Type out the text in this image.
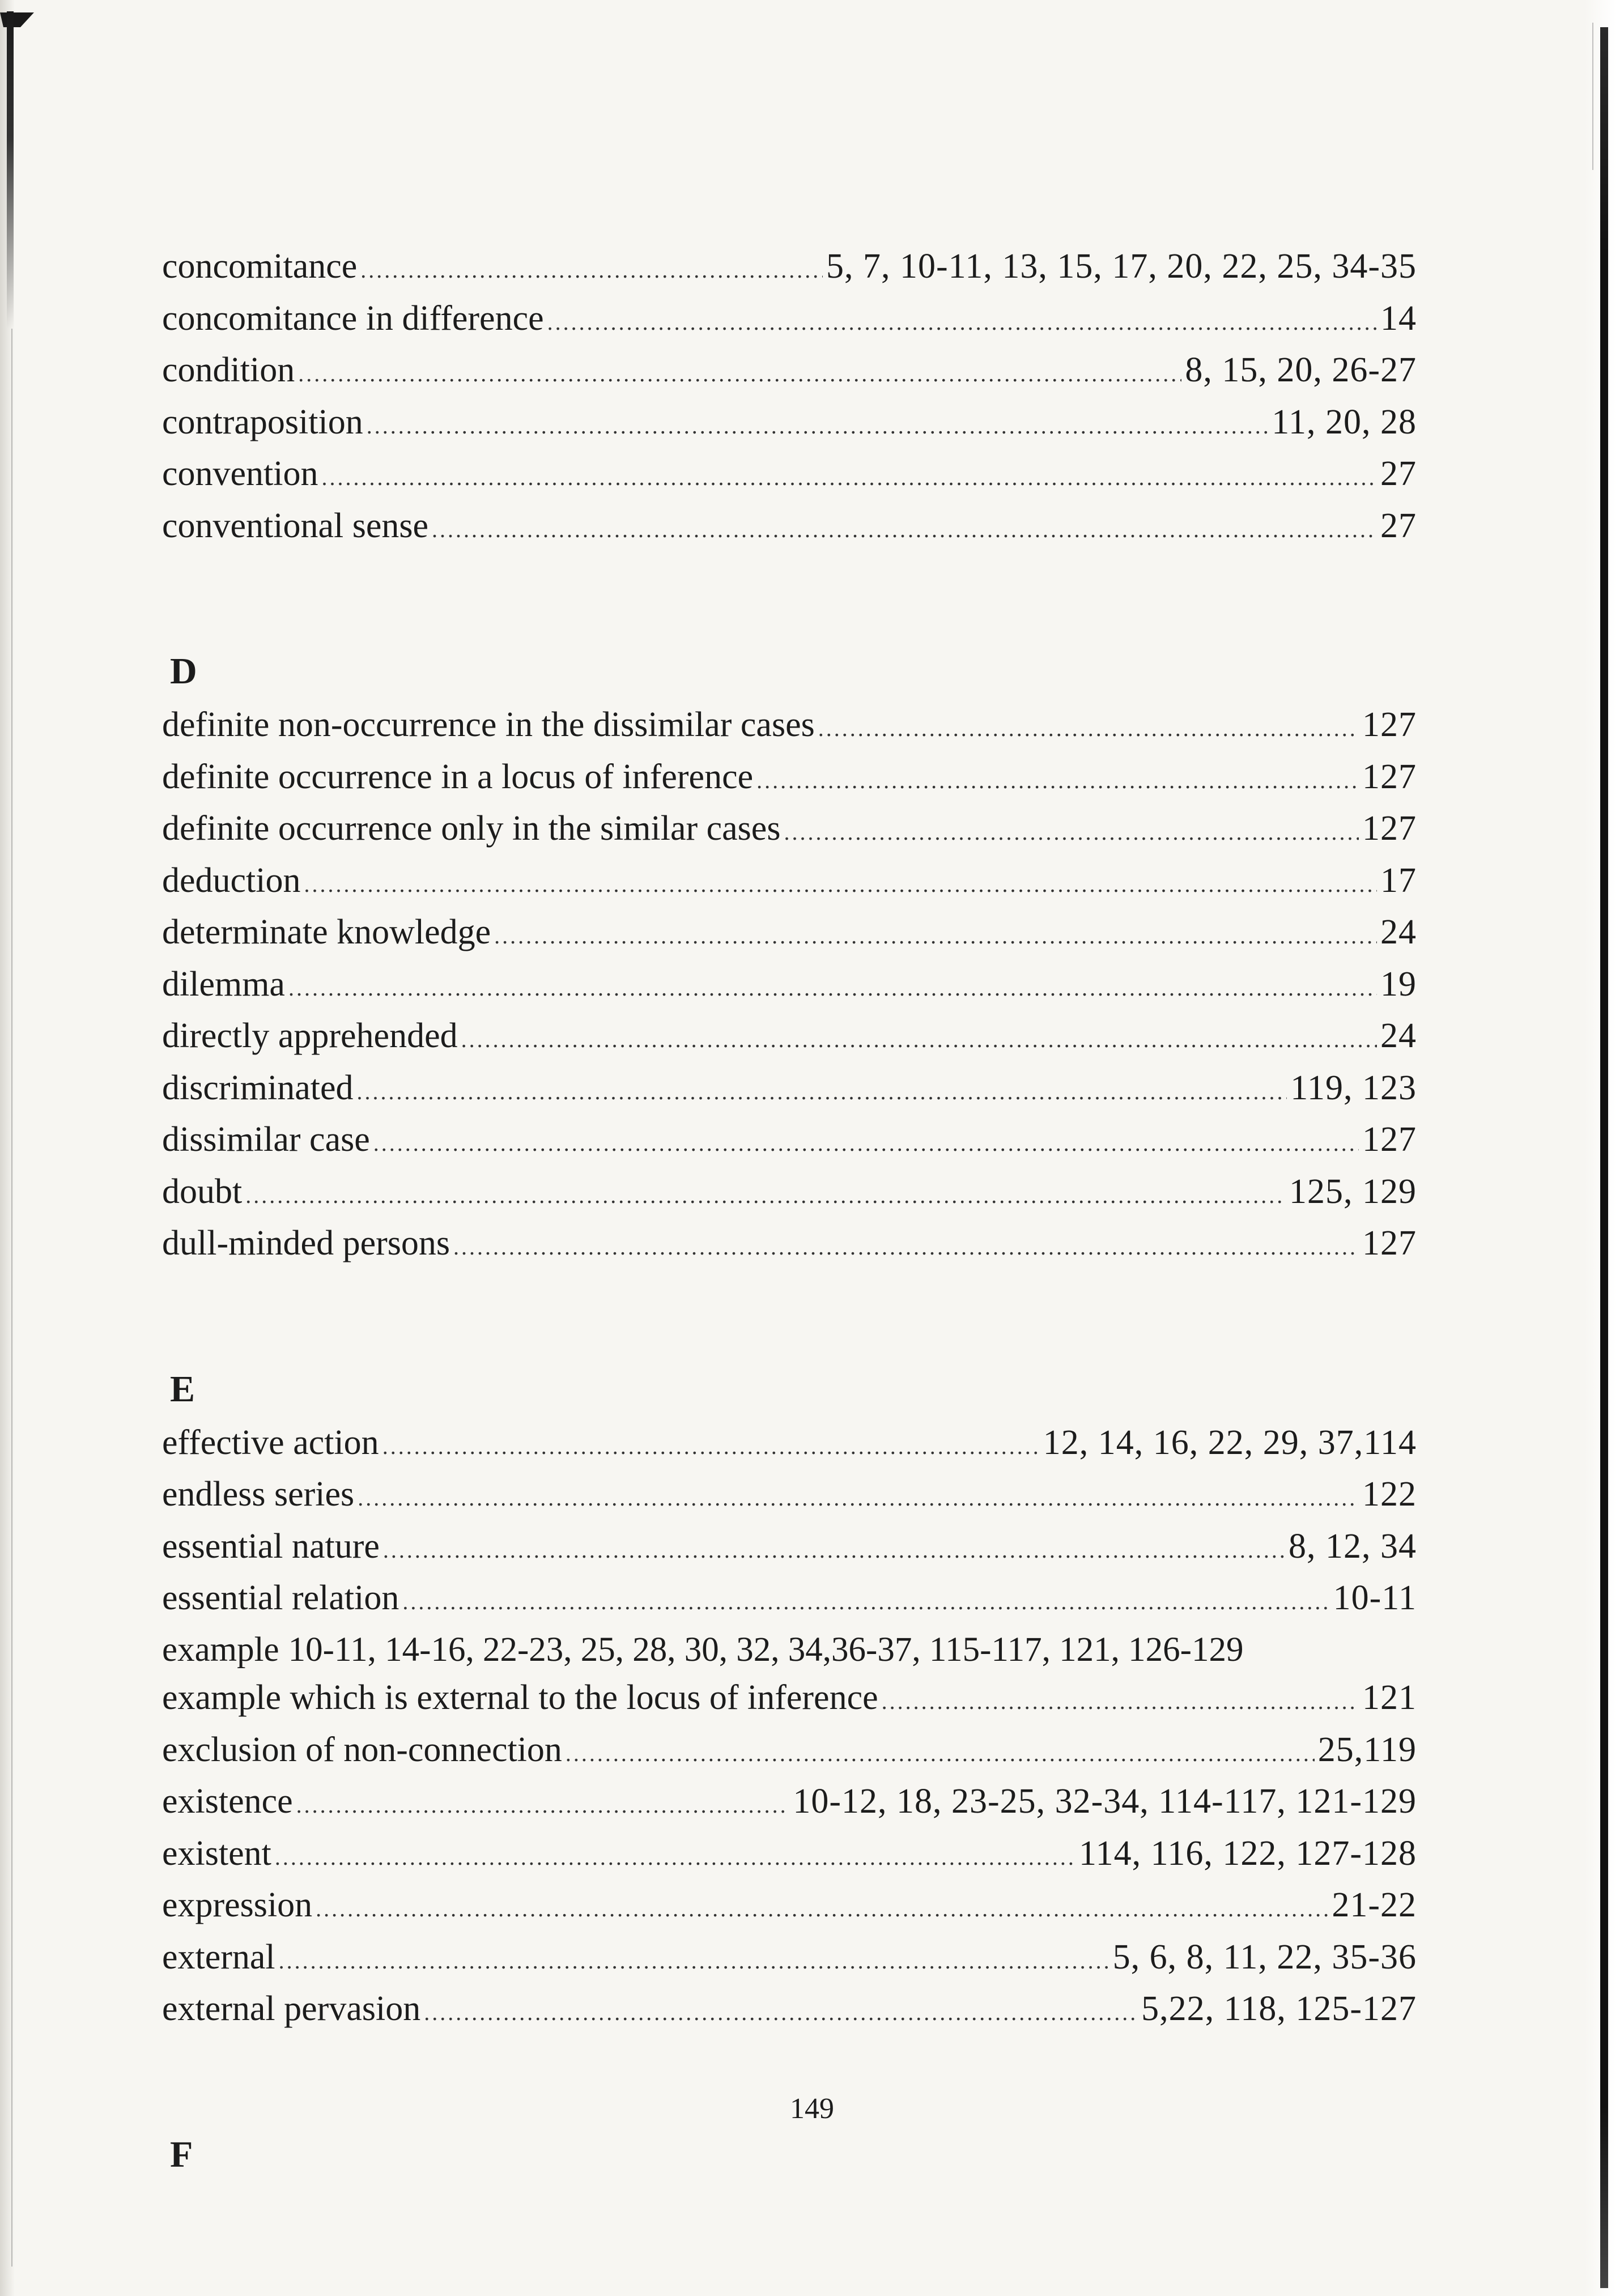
concomitance . . .	5, 7, 10-11, 13, 15, 17, 20, 22, 25, 34-35
concomitance in difference . . .	14
condition . . .	8, 15, 20, 26-27
contraposition . . .	11, 20, 28
convention . . .	27
conventional sense . . .	27
D
definite non-occurrence in the dissimilar cases . . .	127
definite occurrence in a locus of inference . . .	127
definite occurrence only in the similar cases . . .	127
deduction . . .	17
determinate knowledge . . .	24
dilemma . . .	19
directly apprehended . . .	24
discriminated . . .	119, 123
dissimilar case . . .	127
doubt . . .	125, 129
dull-minded persons . . .	127
E
effective action . . .	12, 14, 16, 22, 29, 37,114
endless series . . .	122
essential nature . . .	8, 12, 34
essential relation . . .	10-11
example 10-11, 14-16, 22-23, 25, 28, 30, 32, 34,36-37, 115-117, 121, 126-129
example which is external to the locus of inference . . .	121
exclusion of non-connection . . .	25,119
existence . . .	10-12, 18, 23-25, 32-34, 114-117, 121-129
existent . . .	114, 116, 122, 127-128
expression . . .	21-22
external . . .	5, 6, 8, 11, 22, 35-36
external pervasion . . .	5,22, 118, 125-127
F
149
